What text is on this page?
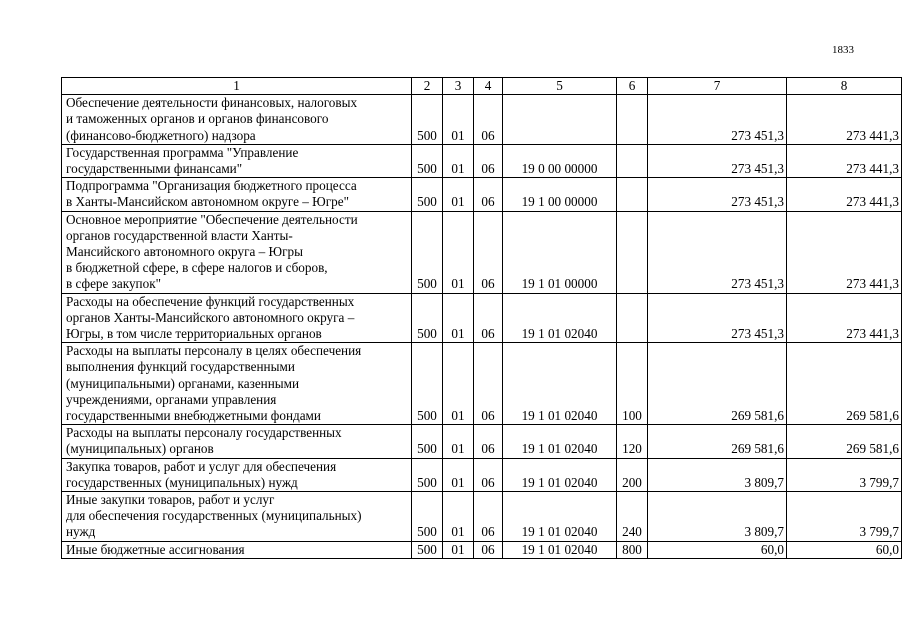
1833
1	2	3	4	5	6	7	8
Обеспечение деятельности финансовых, налоговых
и таможенных органов и органов финансового
(финансово-бюджетного) надзора	500	01	06			273 451,3	273 441,3
Государственная программа "Управление
государственными финансами"	500	01	06	19 0 00 00000		273 451,3	273 441,3
Подпрограмма "Организация бюджетного процесса
в Ханты-Мансийском автономном округе – Югре"	500	01	06	19 1 00 00000		273 451,3	273 441,3
Основное мероприятие "Обеспечение деятельности
органов государственной власти Ханты-
Мансийского автономного округа – Югры
в бюджетной сфере, в сфере налогов и сборов,
в сфере закупок"	500	01	06	19 1 01 00000		273 451,3	273 441,3
Расходы на обеспечение функций государственных
органов Ханты-Мансийского автономного округа –
Югры, в том числе территориальных органов	500	01	06	19 1 01 02040		273 451,3	273 441,3
Расходы на выплаты персоналу в целях обеспечения
выполнения функций государственными
(муниципальными) органами, казенными
учреждениями, органами управления
государственными внебюджетными фондами	500	01	06	19 1 01 02040	100	269 581,6	269 581,6
Расходы на выплаты персоналу государственных
(муниципальных) органов	500	01	06	19 1 01 02040	120	269 581,6	269 581,6
Закупка товаров, работ и услуг для обеспечения
государственных (муниципальных) нужд	500	01	06	19 1 01 02040	200	3 809,7	3 799,7
Иные закупки товаров, работ и услуг
для обеспечения государственных (муниципальных)
нужд	500	01	06	19 1 01 02040	240	3 809,7	3 799,7
Иные бюджетные ассигнования	500	01	06	19 1 01 02040	800	60,0	60,0
